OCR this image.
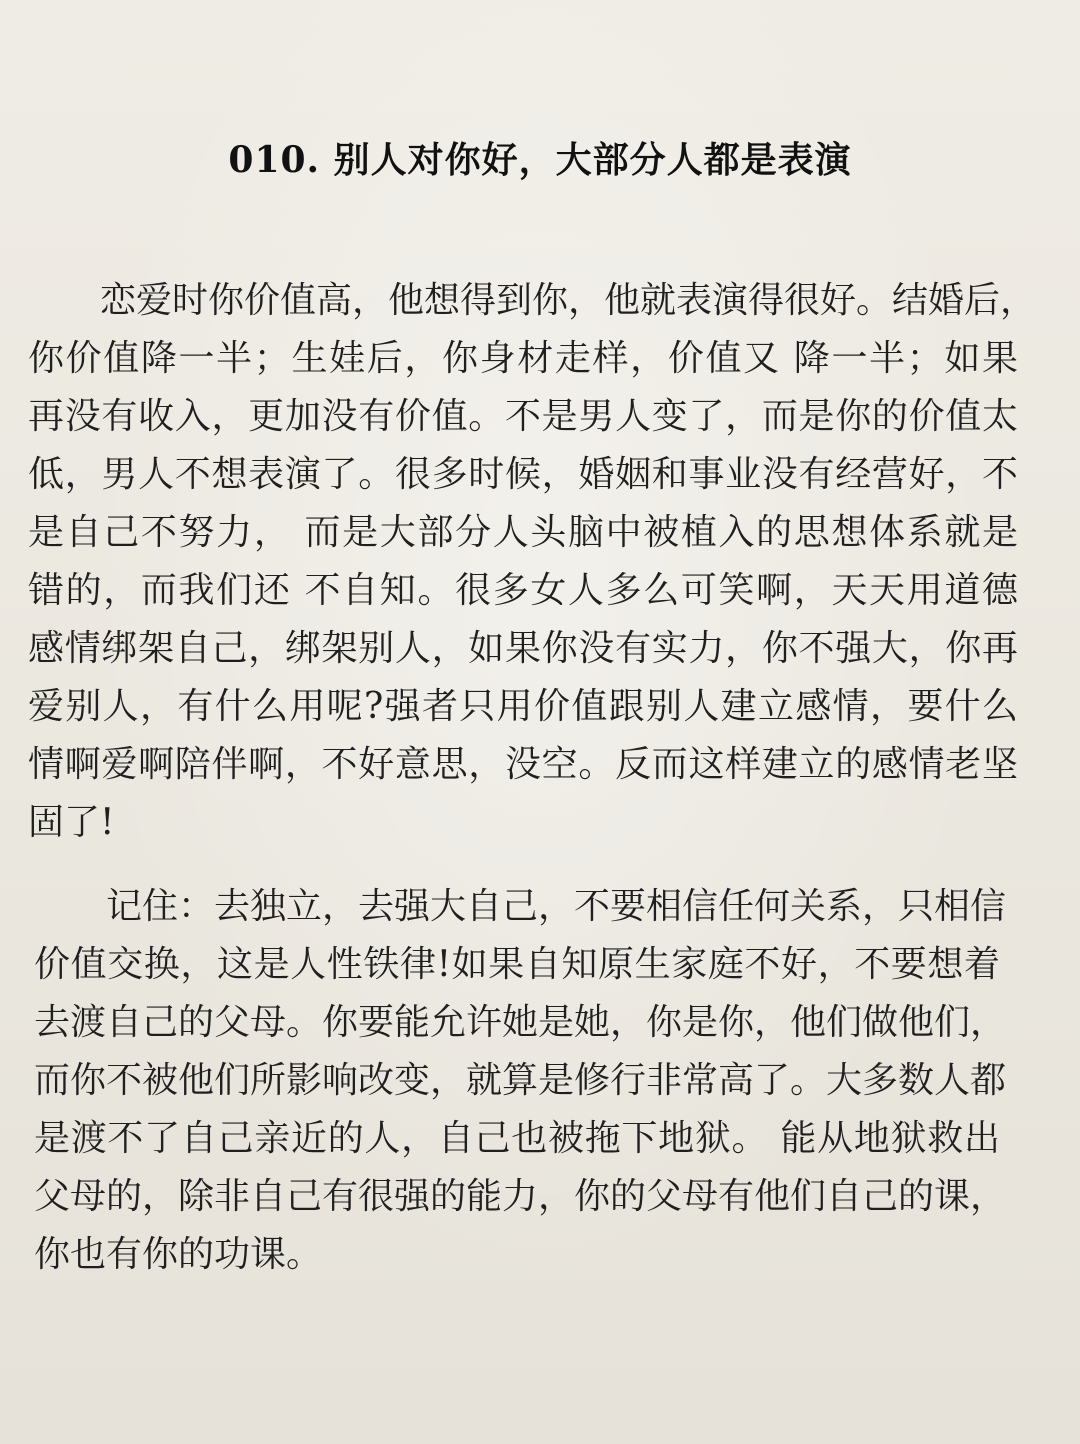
010. 别人对你好，大部分人都是表演
恋爱时你价值高，他想得到你，他就表演得很好。结婚后，
你价值降一半；生娃后，你身材走样，价值又 降一半；如果
再没有收入，更加没有价值。不是男人变了，而是你的价值太
低，男人不想表演了。很多时候，婚姻和事业没有经营好，不
是自己不努力， 而是大部分人头脑中被植入的思想体系就是
错的，而我们还 不自知。很多女人多么可笑啊，天天用道德
感情绑架自己，绑架别人，如果你没有实力，你不强大，你再
爱别人，有什么用呢?强者只用价值跟别人建立感情，要什么
情啊爱啊陪伴啊，不好意思，没空。反而这样建立的感情老坚
固了!
记住：去独立，去强大自己，不要相信任何关系，只相信
价值交换，这是人性铁律!如果自知原生家庭不好，不要想着
去渡自己的父母。你要能允许她是她，你是你，他们做他们，
而你不被他们所影响改变，就算是修行非常高了。大多数人都
是渡不了自己亲近的人，自己也被拖下地狱。 能从地狱救出
父母的，除非自己有很强的能力，你的父母有他们自己的课，
你也有你的功课。
